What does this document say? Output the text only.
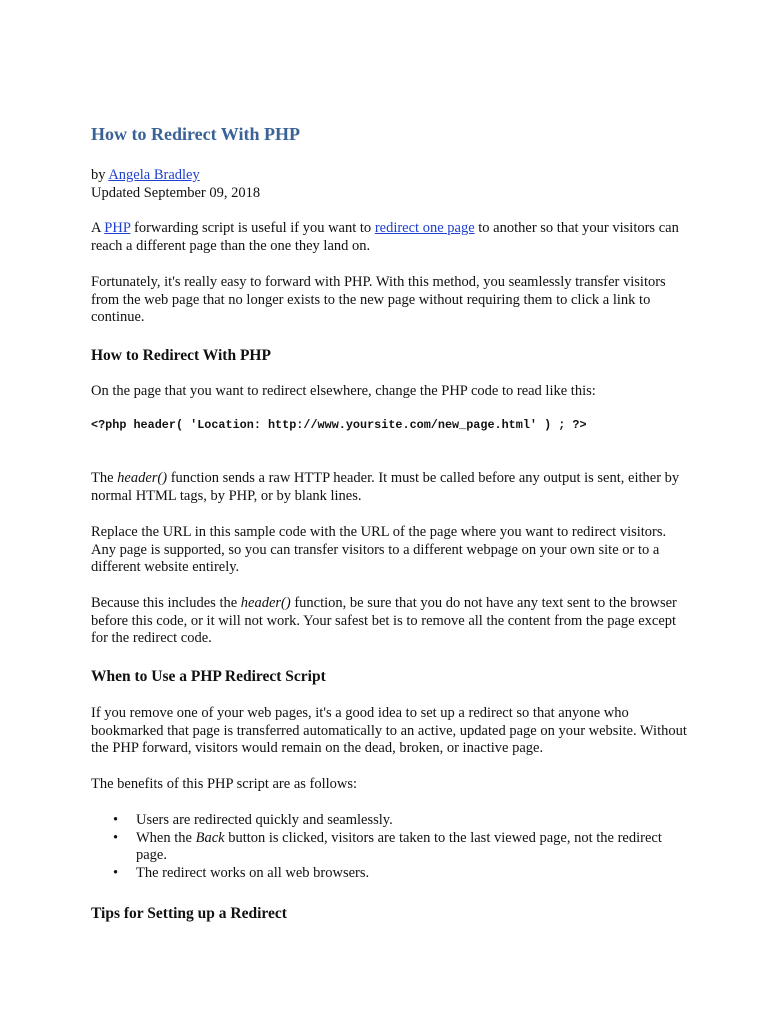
How to Redirect With PHP
by Angela Bradley
Updated September 09, 2018

A PHP forwarding script is useful if you want to redirect one page to another so that your visitors can reach a different page than the one they land on.

Fortunately, it's really easy to forward with PHP. With this method, you seamlessly transfer visitors from the web page that no longer exists to the new page without requiring them to click a link to continue.

How to Redirect With PHP

On the page that you want to redirect elsewhere, change the PHP code to read like this:

<?php header( 'Location: http://www.yoursite.com/new_page.html' ) ; ?>

The header() function sends a raw HTTP header. It must be called before any output is sent, either by normal HTML tags, by PHP, or by blank lines.

Replace the URL in this sample code with the URL of the page where you want to redirect visitors. Any page is supported, so you can transfer visitors to a different webpage on your own site or to a different website entirely.

Because this includes the header() function, be sure that you do not have any text sent to the browser before this code, or it will not work. Your safest bet is to remove all the content from the page except for the redirect code.

When to Use a PHP Redirect Script

If you remove one of your web pages, it's a good idea to set up a redirect so that anyone who bookmarked that page is transferred automatically to an active, updated page on your website. Without the PHP forward, visitors would remain on the dead, broken, or inactive page.

The benefits of this PHP script are as follows:

• Users are redirected quickly and seamlessly.
• When the Back button is clicked, visitors are taken to the last viewed page, not the redirect page.
• The redirect works on all web browsers.
Tips for Setting up a Redirect
